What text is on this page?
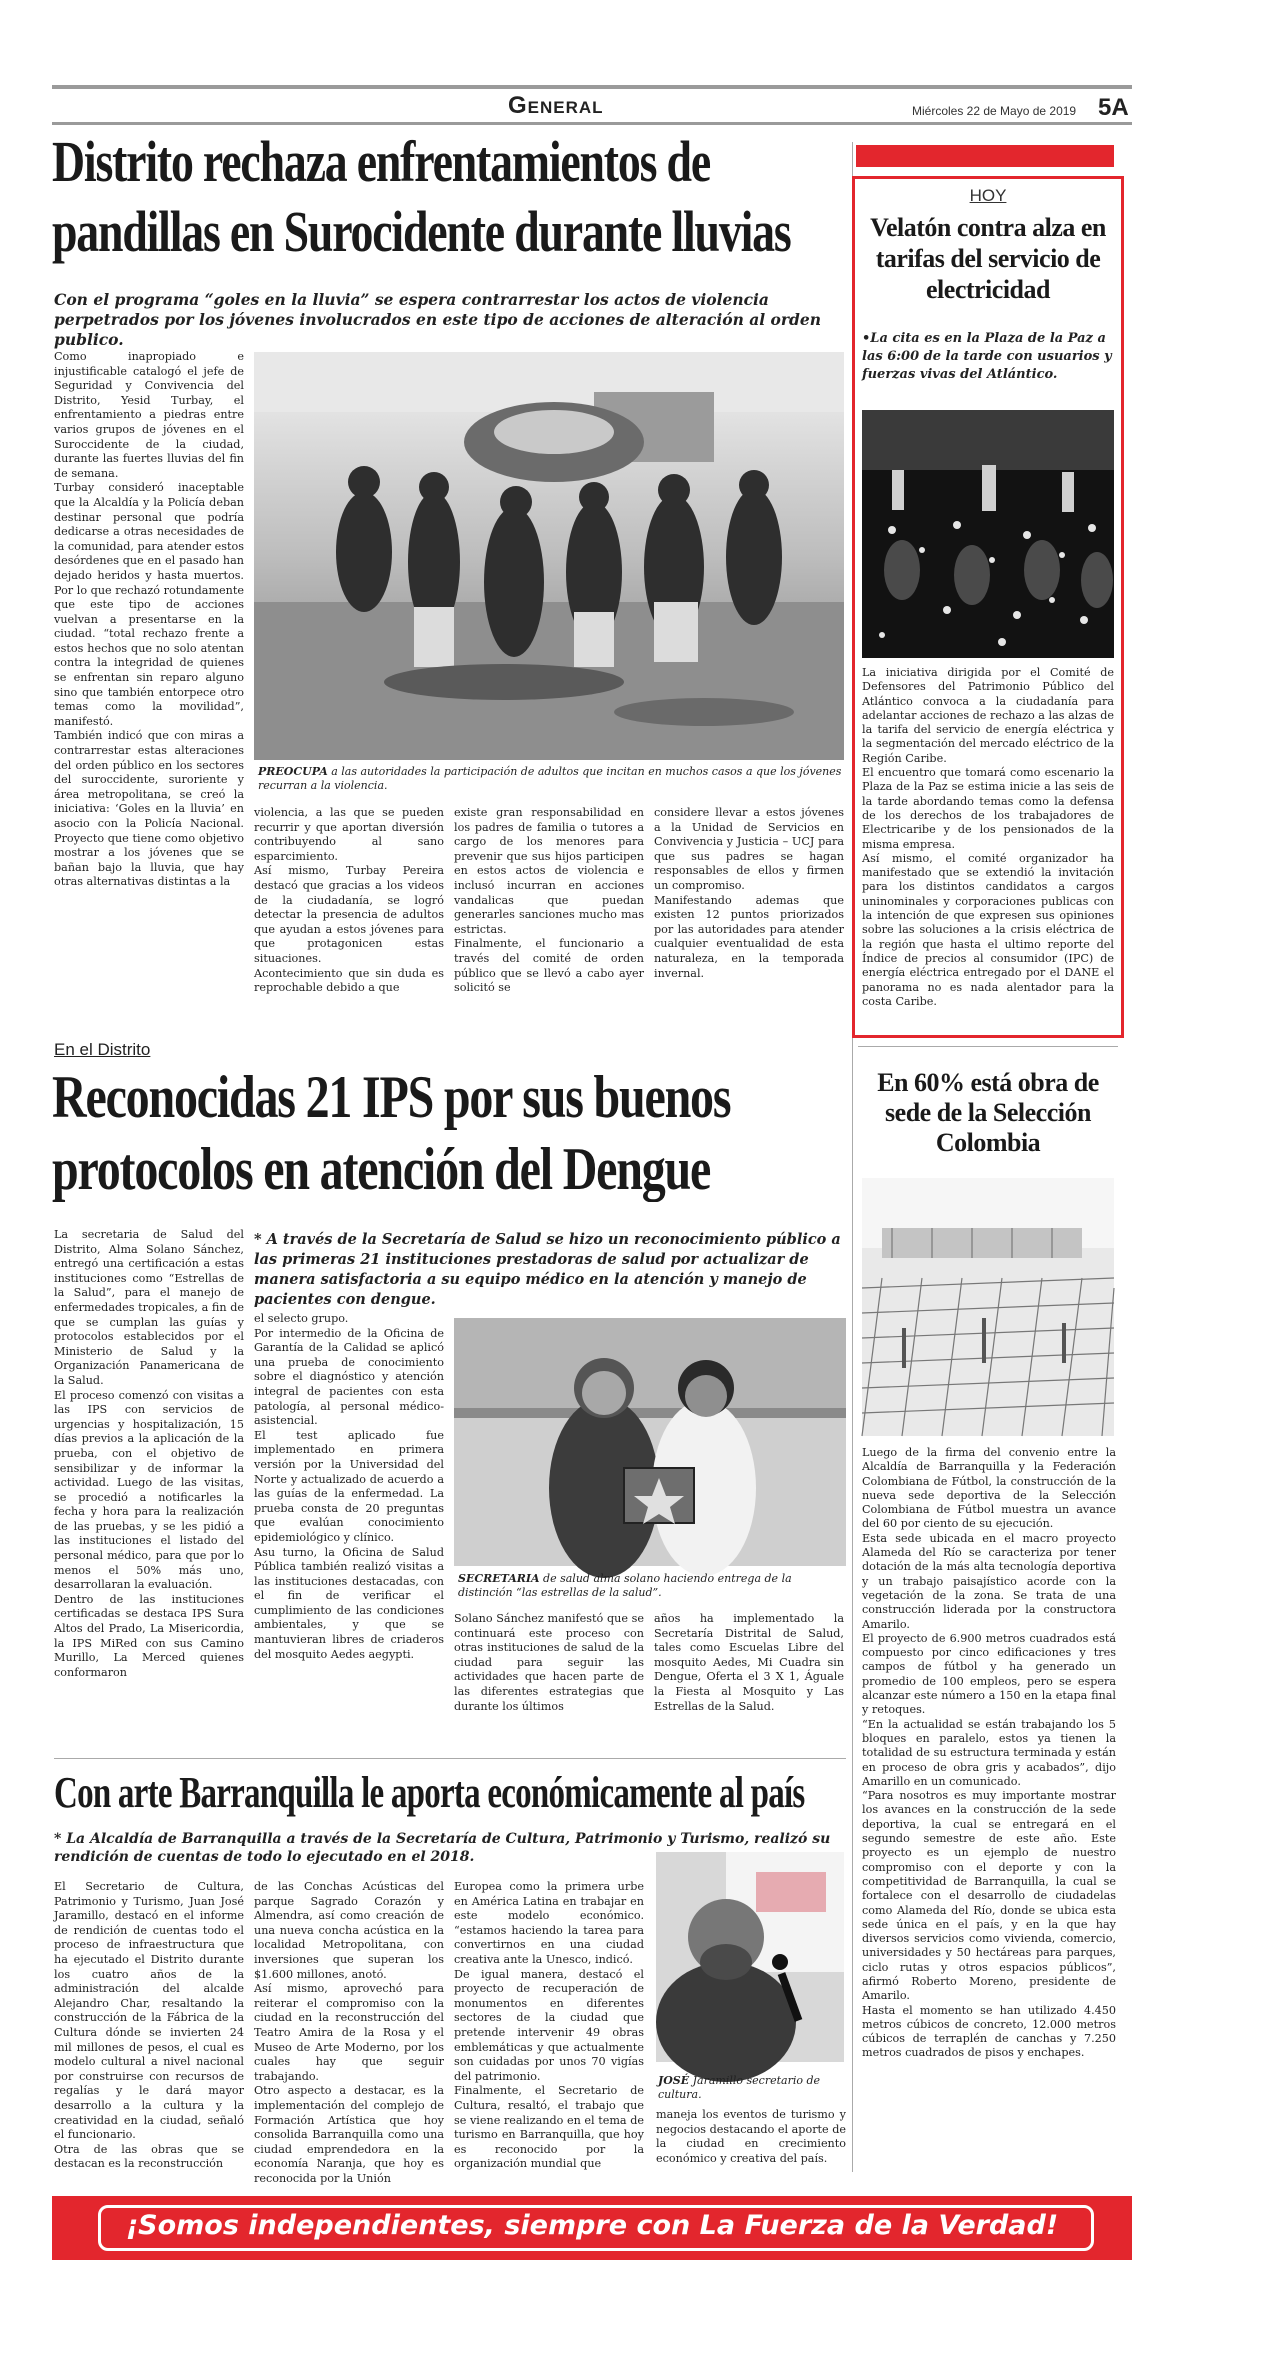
General	Miércoles 22 de Mayo de 2019 5A
Distrito rechaza enfrentamientos de
pandillas en Surocidente durante lluvias
Con el programa “goles en la lluvia” se espera contrarrestar los actos de violencia perpetrados por los jóvenes involucrados en este tipo de acciones de alteración al orden publico.
Como inapropiado e injustificable catalogó el jefe de Seguridad y Convivencia del Distrito, Yesid Turbay, el enfrentamiento a piedras entre varios grupos de jóvenes en el Suroccidente de la ciudad, durante las fuertes lluvias del fin de semana.
Turbay consideró inaceptable que la Alcaldía y la Policía deban destinar personal que podría dedicarse a otras necesidades de la comunidad, para atender estos desórdenes que en el pasado han dejado heridos y hasta muertos. Por lo que rechazó rotundamente que este tipo de acciones vuelvan a presentarse en la ciudad. “total rechazo frente a estos hechos que no solo atentan contra la integridad de quienes se enfrentan sin reparo alguno sino que también entorpece otro temas como la movilidad”, manifestó.
También indicó que con miras a contrarrestar estas alteraciones del orden público en los sectores del suroccidente, suroriente y área metropolitana, se creó la iniciativa: ‘Goles en la lluvia’ en asocio con la Policía Nacional. Proyecto que tiene como objetivo mostrar a los jóvenes que se bañan bajo la lluvia, que hay otras alternativas distintas a la
PREOCUPA a las autoridades la participación de adultos que incitan en muchos casos a que los jóvenes recurran a la violencia.
violencia, a las que se pueden recurrir y que aportan diversión contribuyendo al sano esparcimiento.
Así mismo, Turbay Pereira destacó que gracias a los videos de la ciudadanía, se logró detectar la presencia de adultos que ayudan a estos jóvenes para que protagonicen estas situaciones.
Acontecimiento que sin duda es reprochable debido a que
existe gran responsabilidad en los padres de familia o tutores a cargo de los menores para prevenir que sus hijos participen en estos actos de violencia e inclusó incurran en acciones vandalicas que puedan generarles sanciones mucho mas estrictas.
Finalmente, el funcionario a través del comité de orden público que se llevó a cabo ayer solicitó se
considere llevar a estos jóvenes a la Unidad de Servicios en Convivencia y Justicia – UCJ para que sus padres se hagan responsables de ellos y firmen un compromiso.
Manifestando ademas que existen 12 puntos priorizados por las autoridades para atender cualquier eventualidad de esta naturaleza, en la temporada invernal.
HOY
Velatón contra alza en tarifas del servicio de electricidad
•La cita es en la Plaza de la Paz a las 6:00 de la tarde con usuarios y fuerzas vivas del Atlántico.
La iniciativa dirigida por el Comité de Defensores del Patrimonio Público del Atlántico convoca a la ciudadanía para adelantar acciones de rechazo a las alzas de la tarifa del servicio de energía eléctrica y la segmentación del mercado eléctrico de la Región Caribe.
El encuentro que tomará como escenario la Plaza de la Paz se estima inicie a las seis de la tarde abordando temas como la defensa de los derechos de los trabajadores de Electricaribe y de los pensionados de la misma empresa.
Así mismo, el comité organizador ha manifestado que se extendió la invitación para los distintos candidatos a cargos uninominales y corporaciones publicas con la intención de que expresen sus opiniones sobre las soluciones a la crisis eléctrica de la región que hasta el ultimo reporte del Índice de precios al consumidor (IPC) de energía eléctrica entregado por el DANE el panorama no es nada alentador para la costa Caribe.
En el Distrito
Reconocidas 21 IPS por sus buenos
protocolos en atención del Dengue
La secretaria de Salud del Distrito, Alma Solano Sánchez, entregó una certificación a estas instituciones como “Estrellas de la Salud”, para el manejo de enfermedades tropicales, a fin de que se cumplan las guías y protocolos establecidos por el Ministerio de Salud y la Organización Panamericana de la Salud.
El proceso comenzó con visitas a las IPS con servicios de urgencias y hospitalización, 15 días previos a la aplicación de la prueba, con el objetivo de sensibilizar y de informar la actividad. Luego de las visitas, se procedió a notificarles la fecha y hora para la realización de las pruebas, y se les pidió a las instituciones el listado del personal médico, para que por lo menos el 50% más uno, desarrollaran la evaluación.
Dentro de las instituciones certificadas se destaca IPS Sura Altos del Prado, La Misericordia, la IPS MiRed con sus Camino Murillo, La Merced quienes conformaron
* A través de la Secretaría de Salud se hizo un reconocimiento público a las primeras 21 instituciones prestadoras de salud por actualizar de manera satisfactoria a su equipo médico en la atención y manejo de pacientes con dengue.
el selecto grupo.
Por intermedio de la Oficina de Garantía de la Calidad se aplicó una prueba de conocimiento sobre el diagnóstico y atención integral de pacientes con esta patología, al personal médico-asistencial.
El test aplicado fue implementado en primera versión por la Universidad del Norte y actualizado de acuerdo a las guías de la enfermedad. La prueba consta de 20 preguntas que evalúan conocimiento epidemiológico y clínico.
Asu turno, la Oficina de Salud Pública también realizó visitas a las instituciones destacadas, con el fin de verificar el cumplimiento de las condiciones ambientales, y que se mantuvieran libres de criaderos del mosquito Aedes aegypti.
SECRETARIA de salud alma solano haciendo entrega de la distinción “las estrellas de la salud”.
Solano Sánchez manifestó que se continuará este proceso con otras instituciones de salud de la ciudad para seguir las actividades que hacen parte de las diferentes estrategias que durante los últimos
años ha implementado la Secretaría Distrital de Salud, tales como Escuelas Libre del mosquito Aedes, Mi Cuadra sin Dengue, Oferta el 3 X 1, Águale la Fiesta al Mosquito y Las Estrellas de la Salud.
En 60% está obra de sede de la Selección Colombia
Luego de la firma del convenio entre la Alcaldía de Barranquilla y la Federación Colombiana de Fútbol, la construcción de la nueva sede deportiva de la Selección Colombiana de Fútbol muestra un avance del 60 por ciento de su ejecución.
Esta sede ubicada en el macro proyecto Alameda del Río se caracteriza por tener dotación de la más alta tecnología deportiva y un trabajo paisajístico acorde con la vegetación de la zona. Se trata de una construcción liderada por la constructora Amarilo.
El proyecto de 6.900 metros cuadrados está compuesto por cinco edificaciones y tres campos de fútbol y ha generado un promedio de 100 empleos, pero se espera alcanzar este número a 150 en la etapa final y retoques.
“En la actualidad se están trabajando los 5 bloques en paralelo, estos ya tienen la totalidad de su estructura terminada y están en proceso de obra gris y acabados”, dijo Amarillo en un comunicado.
“Para nosotros es muy importante mostrar los avances en la construcción de la sede deportiva, la cual se entregará en el segundo semestre de este año. Este proyecto es un ejemplo de nuestro compromiso con el deporte y con la competitividad de Barranquilla, la cual se fortalece con el desarrollo de ciudadelas como Alameda del Río, donde se ubica esta sede única en el país, y en la que hay diversos servicios como vivienda, comercio, universidades y 50 hectáreas para parques, ciclo rutas y otros espacios públicos”, afirmó Roberto Moreno, presidente de Amarilo.
Hasta el momento se han utilizado 4.450 metros cúbicos de concreto, 12.000 metros cúbicos de terraplén de canchas y 7.250 metros cuadrados de pisos y enchapes.
Con arte Barranquilla le aporta económicamente al país
* La Alcaldía de Barranquilla a través de la Secretaría de Cultura, Patrimonio y Turismo, realizó su rendición de cuentas de todo lo ejecutado en el 2018.
El Secretario de Cultura, Patrimonio y Turismo, Juan José Jaramillo, destacó en el informe de rendición de cuentas todo el proceso de infraestructura que ha ejecutado el Distrito durante los cuatro años de la administración del alcalde Alejandro Char, resaltando la construcción de la Fábrica de la Cultura dónde se invierten 24 mil millones de pesos, el cual es modelo cultural a nivel nacional por construirse con recursos de regalías y le dará mayor desarrollo a la cultura y la creatividad en la ciudad, señaló el funcionario.
Otra de las obras que se destacan es la reconstrucción
de las Conchas Acústicas del parque Sagrado Corazón y Almendra, así como creación de una nueva concha acústica en la localidad Metropolitana, con inversiones que superan los $1.600 millones, anotó.
Así mismo, aprovechó para reiterar el compromiso con la ciudad en la reconstrucción del Teatro Amira de la Rosa y el Museo de Arte Moderno, por los cuales hay que seguir trabajando.
Otro aspecto a destacar, es la implementación del complejo de Formación Artística que hoy consolida Barranquilla como una ciudad emprendedora en la economía Naranja, que hoy es reconocida por la Unión
Europea como la primera urbe en América Latina en trabajar en este modelo económico. “estamos haciendo la tarea para convertirnos en una ciudad creativa ante la Unesco, indicó.
De igual manera, destacó el proyecto de recuperación de monumentos en diferentes sectores de la ciudad que pretende intervenir 49 obras emblemáticas y que actualmente son cuidadas por unos 70 vigías del patrimonio.
Finalmente, el Secretario de Cultura, resaltó, el trabajo que se viene realizando en el tema de turismo en Barranquilla, que hoy es reconocido por la organización mundial que
JOSÉ Jaramillo secretario de cultura.
maneja los eventos de turismo y negocios destacando el aporte de la ciudad en crecimiento económico y creativa del país.
¡Somos independientes, siempre con La Fuerza de la Verdad!
